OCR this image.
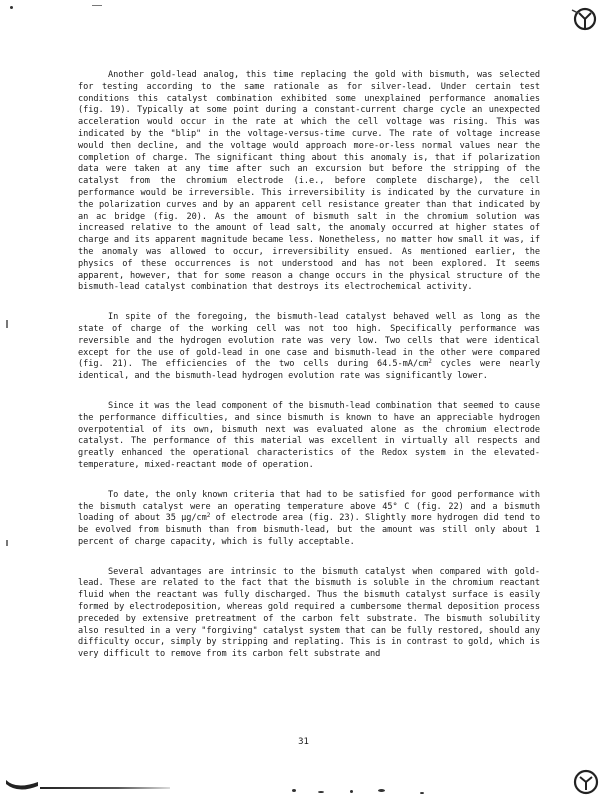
Another gold-lead analog, this time replacing the gold with bismuth, was selected for testing according to the same rationale as for silver-lead. Under certain test conditions this catalyst combination exhibited some unexplained performance anomalies (fig. 19). Typically at some point during a constant-current charge cycle an unexpected acceleration would occur in the rate at which the cell voltage was rising. This was indicated by the "blip" in the voltage-versus-time curve. The rate of voltage increase would then decline, and the voltage would approach more-or-less normal values near the completion of charge. The significant thing about this anomaly is, that if polarization data were taken at any time after such an excursion but before the stripping of the catalyst from the chromium electrode (i.e., before complete discharge), the cell performance would be irreversible. This irreversibility is indicated by the curvature in the polarization curves and by an apparent cell resistance greater than that indicated by an ac bridge (fig. 20). As the amount of bismuth salt in the chromium solution was increased relative to the amount of lead salt, the anomaly occurred at higher states of charge and its apparent magnitude became less. Nonetheless, no matter how small it was, if the anomaly was allowed to occur, irreversibility ensued. As mentioned earlier, the physics of these occurrences is not understood and has not been explored. It seems apparent, however, that for some reason a change occurs in the physical structure of the bismuth-lead catalyst combination that destroys its electrochemical activity.

In spite of the foregoing, the bismuth-lead catalyst behaved well as long as the state of charge of the working cell was not too high. Specifically performance was reversible and the hydrogen evolution rate was very low. Two cells that were identical except for the use of gold-lead in one case and bismuth-lead in the other were compared (fig. 21). The efficiencies of the two cells during $64.5-mA/cm^2$ cycles were nearly identical, and the bismuth-lead hydrogen evolution rate was significantly lower.

Since it was the lead component of the bismuth-lead combination that seemed to cause the performance difficulties, and since bismuth is known to have an appreciable hydrogen overpotential of its own, bismuth next was evaluated alone as the chromium electrode catalyst. The performance of this material was excellent in virtually all respects and greatly enhanced the operational characteristics of the Redox system in the elevated-temperature, mixed-reactant mode of operation.

To date, the only known criteria that had to be satisfied for good performance with the bismuth catalyst were an operating temperature above 45° C (fig. 22) and a bismuth loading of about 35 $\mu g/cm^2$ of electrode area (fig. 23). Slightly more hydrogen did tend to be evolved from bismuth than from bismuth-lead, but the amount was still only about 1 percent of charge capacity, which is fully acceptable.

Several advantages are intrinsic to the bismuth catalyst when compared with gold-lead. These are related to the fact that the bismuth is soluble in the chromium reactant fluid when the reactant was fully discharged. Thus the bismuth catalyst surface is easily formed by electrodeposition, whereas gold required a cumbersome thermal deposition process preceded by extensive pretreatment of the carbon felt substrate. The bismuth solubility also resulted in a very "forgiving" catalyst system that can be fully restored, should any difficulty occur, simply by stripping and replating. This is in contrast to gold, which is very difficult to remove from its carbon felt substrate and

31
